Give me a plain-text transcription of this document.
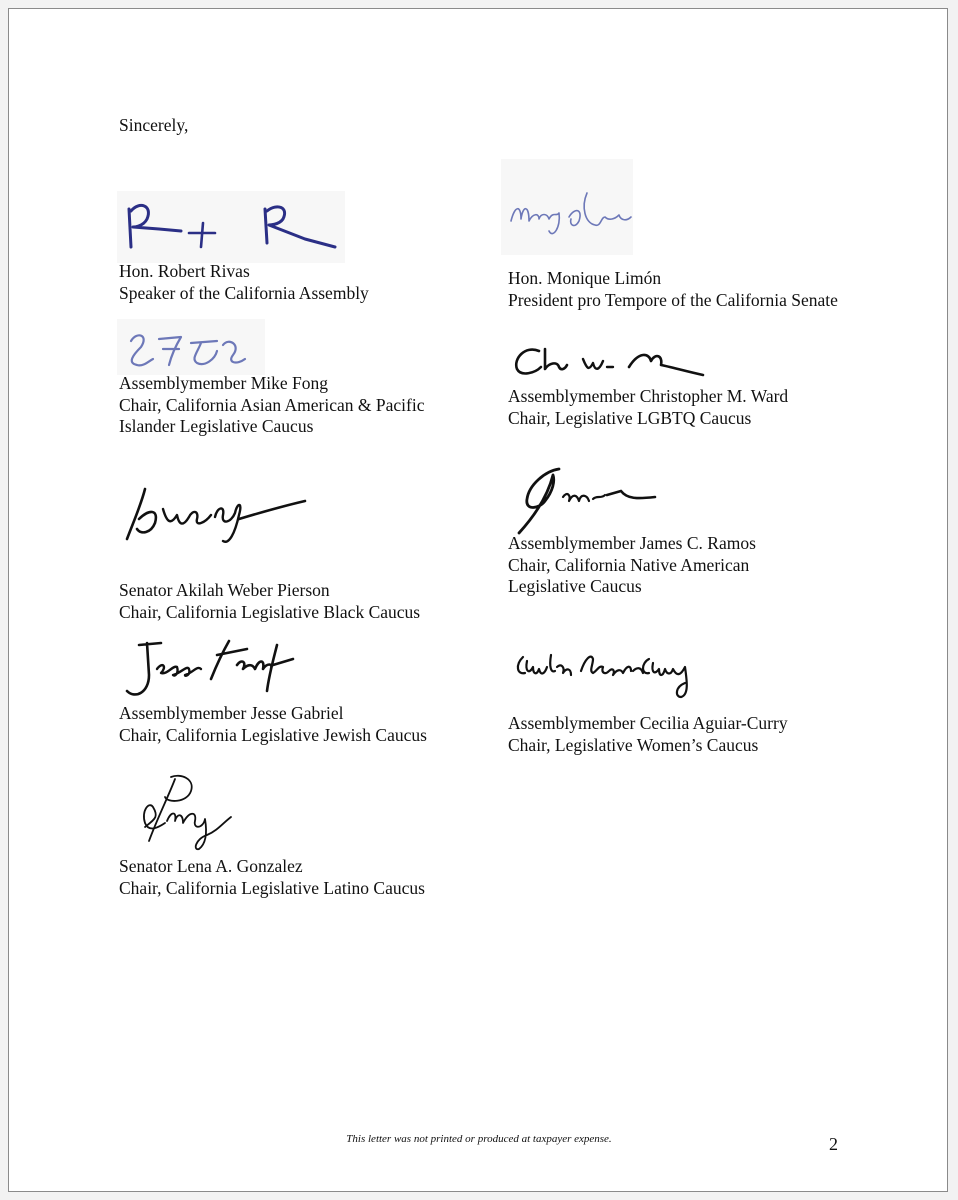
Sincerely,
Hon. Robert Rivas
Speaker of the California Assembly
Hon. Monique Limón
President pro Tempore of the California Senate
Assemblymember Mike Fong
Chair, California Asian American & Pacific
Islander Legislative Caucus
Assemblymember Christopher M. Ward
Chair, Legislative LGBTQ Caucus
Senator Akilah Weber Pierson
Chair, California Legislative Black Caucus
Assemblymember James C. Ramos
Chair, California Native American
Legislative Caucus
Assemblymember Jesse Gabriel
Chair, California Legislative Jewish Caucus
Assemblymember Cecilia Aguiar-Curry
Chair, Legislative Women’s Caucus
Senator Lena A. Gonzalez
Chair, California Legislative Latino Caucus
This letter was not printed or produced at taxpayer expense.	2
